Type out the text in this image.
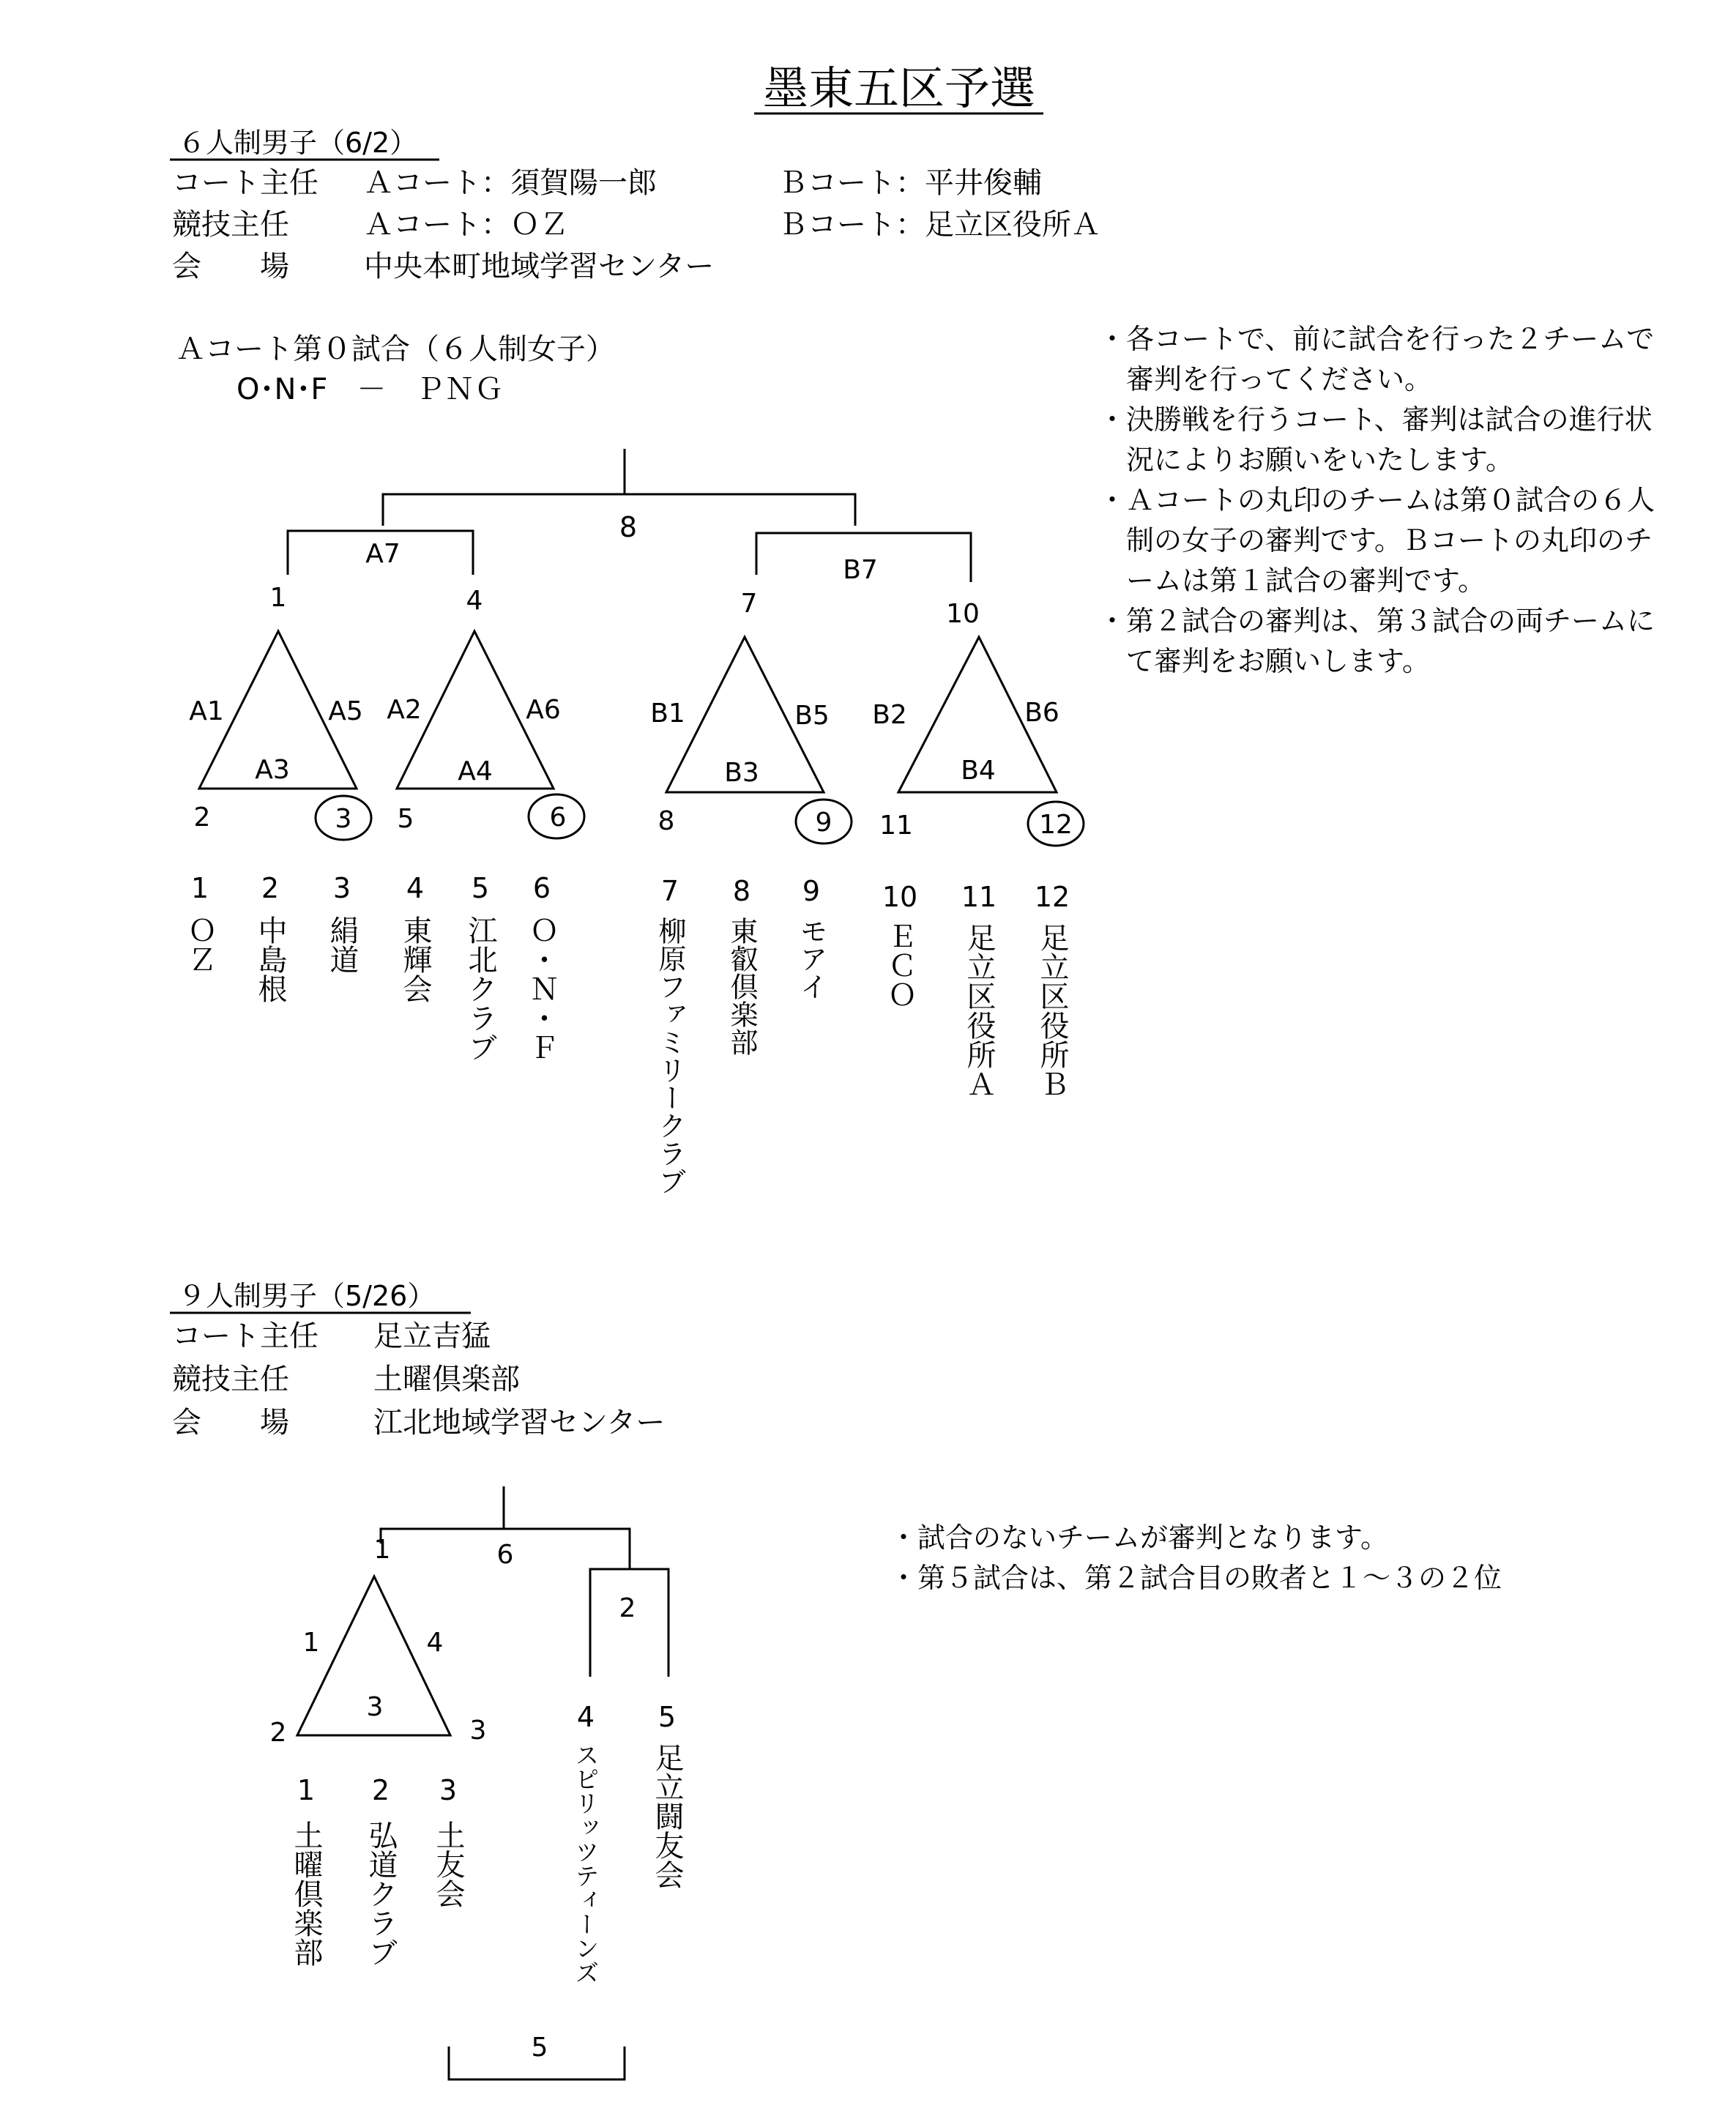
墨東五区予選
６人制男子（6/2）
コート主任 Ａコート：須賀陽一郎	Ｂコート：平井俊輔
競技主任	Ａコート：ＯＺ	Ｂコート：足立区役所Ａ
会　　場	中央本町地域学習センター
Ａコート第０試合（６人制女子）
O･N･F　－　ＰＮＧ
・各コートで、前に試合を行った２チームで
　審判を行ってください。
・決勝戦を行うコート、審判は試合の進行状
　況によりお願いをいたします。
・Ａコートの丸印のチームは第０試合の６人
　制の女子の審判です。Ｂコートの丸印のチ
　ームは第１試合の審判です。
・第２試合の審判は、第３試合の両チームに
　て審判をお願いします。
8
A7
B7
1
A1	A5
A3
2	3
4
A2	A6
A4
5	6
7
B1	B5
B3
8	9
10
B2	B6
B4
11	12
1
ＯＺ
2
中島根
3
絹道
4
東輝会
5
江北クラブ
6
Ｏ・Ｎ・Ｆ
7
柳原ファミリークラブ
8
東叡倶楽部
9
モアイ
10
ＥＣＯ
11
足立区役所Ａ
12
足立区役所Ｂ
９人制男子（5/26）
コート主任 足立吉猛
競技主任	土曜倶楽部
会　　場	江北地域学習センター
・試合のないチームが審判となります。
・第５試合は、第２試合目の敗者と１～３の２位
6
1
1	4
3
2	3
2
5
1
土曜倶楽部
2
弘道クラブ
3
土友会
4
スピリッツティーンズ
5
足立闘友会
